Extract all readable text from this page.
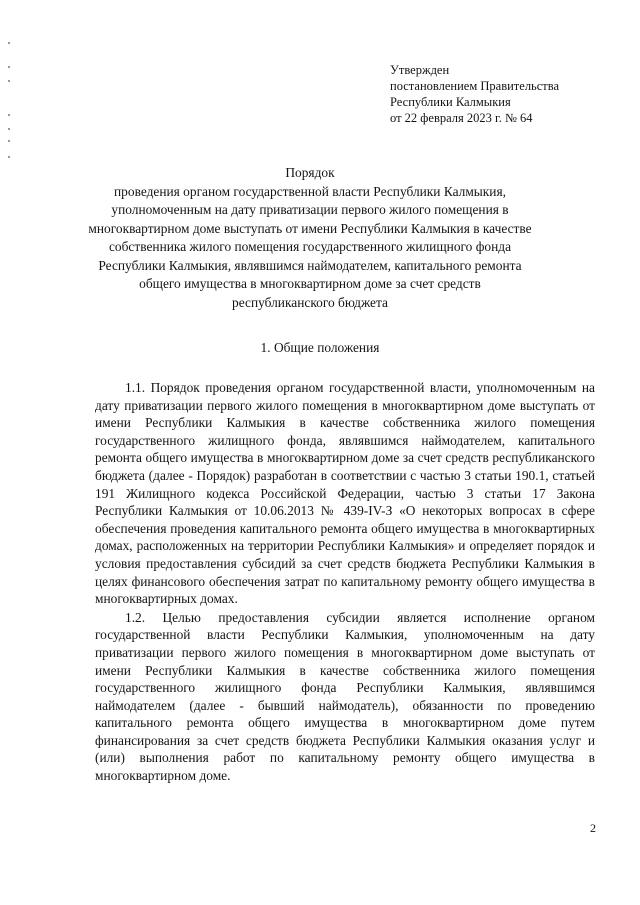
Утвержден
постановлением Правительства
Республики Калмыкия
от 22 февраля 2023 г. № 64
Порядок
проведения органом государственной власти Республики Калмыкия,
уполномоченным на дату приватизации первого жилого помещения в
многоквартирном доме выступать от имени Республики Калмыкия в качестве
собственника жилого помещения государственного жилищного фонда
Республики Калмыкия, являвшимся наймодателем, капитального ремонта
общего имущества в многоквартирном доме за счет средств
республиканского бюджета
1. Общие положения

1.1. Порядок проведения органом государственной власти, уполномоченным на дату приватизации первого жилого помещения в многоквартирном доме выступать от имени Республики Калмыкия в качестве собственника жилого помещения государственного жилищного фонда, являвшимся наймодателем, капитального ремонта общего имущества в многоквартирном доме за счет средств республиканского бюджета (далее - Порядок) разработан в соответствии с частью 3 статьи 190.1, статьей 191 Жилищного кодекса Российской Федерации, частью 3 статьи 17 Закона Республики Калмыкия от 10.06.2013 № 439-IV-З «О некоторых вопросах в сфере обеспечения проведения капитального ремонта общего имущества в многоквартирных домах, расположенных на территории Республики Калмыкия» и определяет порядок и условия предоставления субсидий за счет средств бюджета Республики Калмыкия в целях финансового обеспечения затрат по капитальному ремонту общего имущества в многоквартирных домах.

1.2. Целью предоставления субсидии является исполнение органом государственной власти Республики Калмыкия, уполномоченным на дату приватизации первого жилого помещения в многоквартирном доме выступать от имени Республики Калмыкия в качестве собственника жилого помещения государственного жилищного фонда Республики Калмыкия, являвшимся наймодателем (далее - бывший наймодатель), обязанности по проведению капитального ремонта общего имущества в многоквартирном доме путем финансирования за счет средств бюджета Республики Калмыкия оказания услуг и (или) выполнения работ по капитальному ремонту общего имущества в многоквартирном доме.

2
